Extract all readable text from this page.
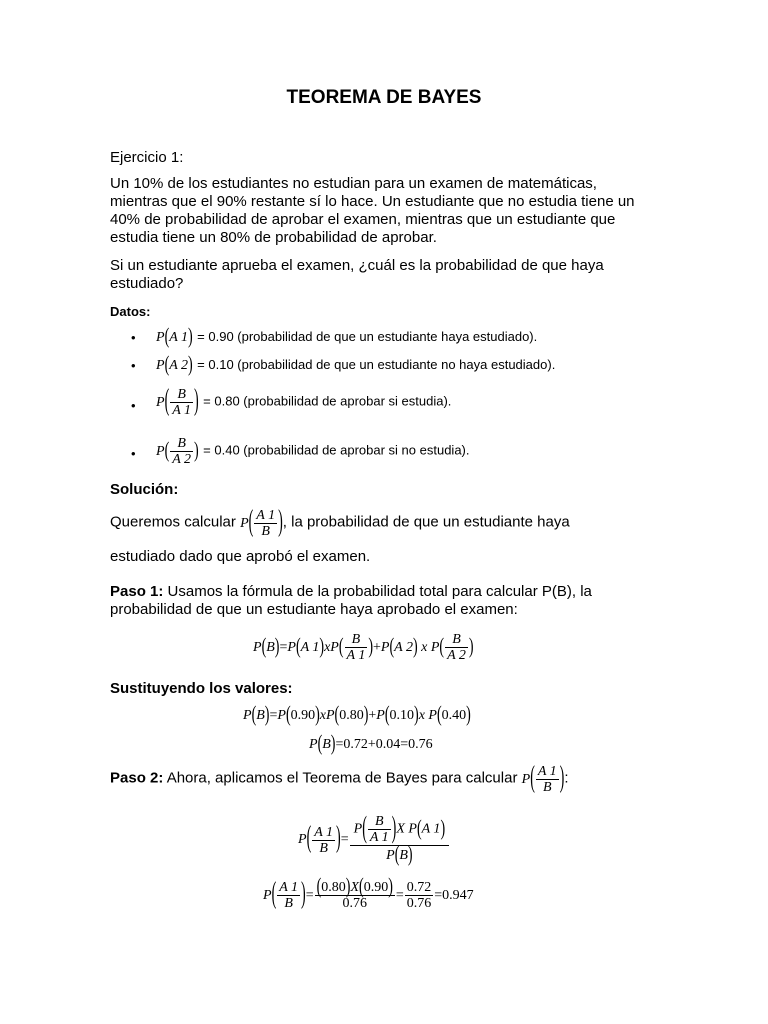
TEOREMA DE BAYES

Ejercicio 1:

Un 10% de los estudiantes no estudian para un examen de matemáticas, mientras que el 90% restante sí lo hace. Un estudiante que no estudia tiene un 40% de probabilidad de aprobar el examen, mientras que un estudiante que estudia tiene un 80% de probabilidad de aprobar.

Si un estudiante aprueba el examen, ¿cuál es la probabilidad de que haya estudiado?

Datos:

• P(A 1) = 0.90 (probabilidad de que un estudiante haya estudiado).
• P(A 2) = 0.10 (probabilidad de que un estudiante no haya estudiado).
• $P( \frac{B}{A 1}$ ) = 0.80 (probabilidad de aprobar si estudia).
• $P( \frac{B}{A 2}$ ) = 0.40 (probabilidad de aprobar si no estudia).

Solución:

Queremos calcular $P( \frac{A 1}{B}$ ), la probabilidad de que un estudiante haya

estudiado dado que aprobó el examen.

Paso 1: Usamos la fórmula de la probabilidad total para calcular P(B), la probabilidad de que un estudiante haya aprobado el examen:

P(B)=P(A $1)xP( \frac{B}{A 1} )+P(A$ 2) x $P( \frac{B}{A 2}$ )

Sustituyendo los valores:

P(B)=P(0.90)xP(0.80)+P(0.10)x P(0.40)
P(B)=0.72+0.04=0.76
Paso 2: Ahora, aplicamos el Teorema de Bayes para calcular $P( \frac{A 1}{B}$ ):
$P( \frac{A 1}{B}$ )= $\frac{P( \frac{B}{A 1} )X P(A 1)}{P(B)}$
$P( \frac{A 1}{B}$ )= $\frac{(0.80)X(0.90)}{0.76} = \frac{0.72}{0.76} =0.947$
